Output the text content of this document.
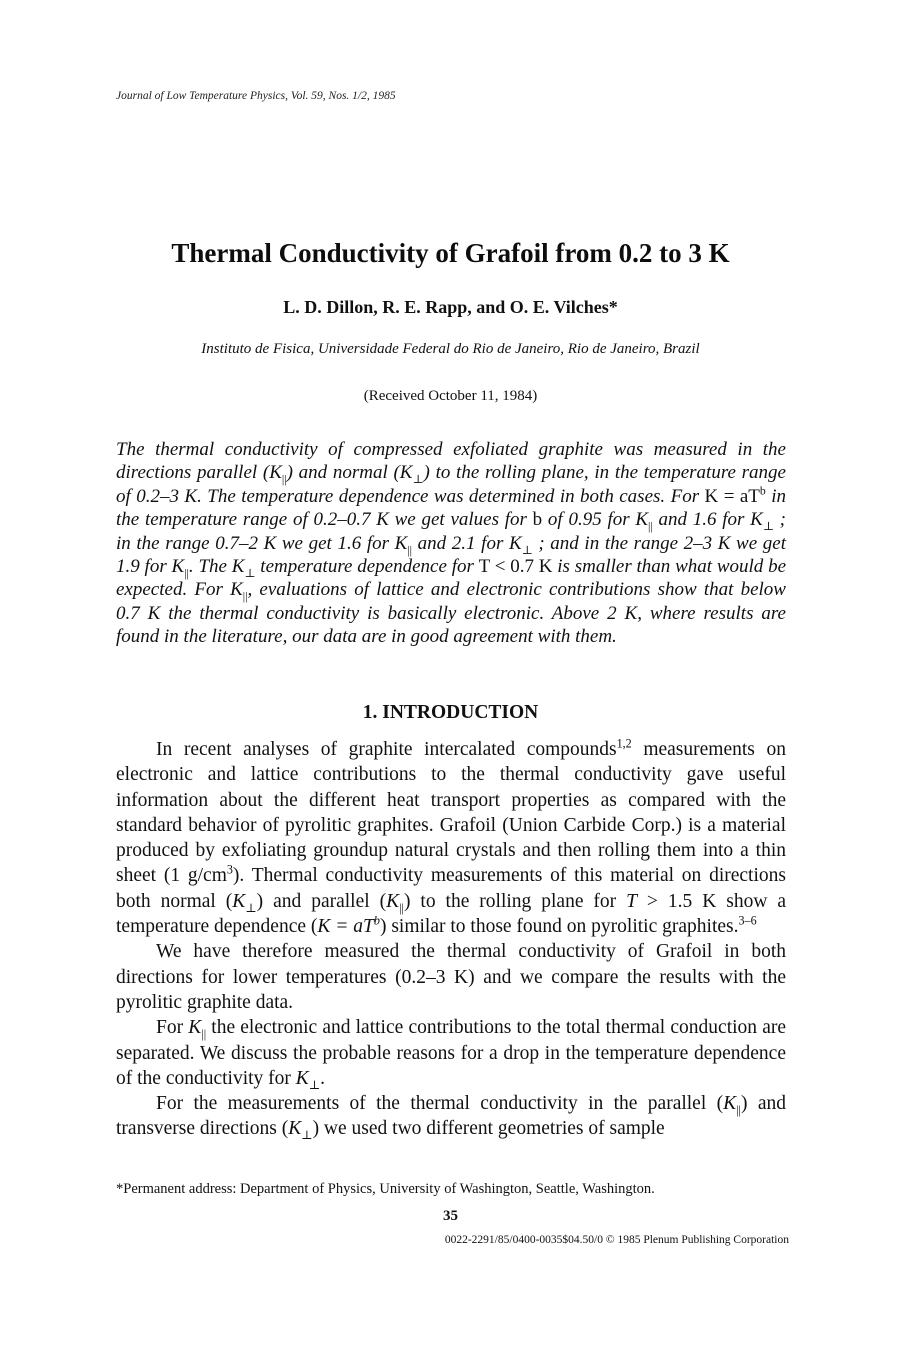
Journal of Low Temperature Physics, Vol. 59, Nos. 1/2, 1985
Thermal Conductivity of Grafoil from 0.2 to 3 K
L. D. Dillon, R. E. Rapp, and O. E. Vilches*
Instituto de Fisica, Universidade Federal do Rio de Janeiro, Rio de Janeiro, Brazil
(Received October 11, 1984)

The thermal conductivity of compressed exfoliated graphite was measured in the directions parallel $(K_{||})$ and normal $(K_\perp)$ to the rolling plane, in the temperature range of 0.2–3 K. The temperature dependence was determined in both cases. For $K = aT^b$ in the temperature range of 0.2–0.7 K we get values for b of 0.95 for $K_{||}$ and 1.6 for $K_\perp$ ; in the range 0.7–2 K we get 1.6 for $K_{||}$ and 2.1 for $K_\perp$ ; and in the range 2–3 K we get 1.9 for $K_{||}$. The $K_\perp$ temperature dependence for T < 0.7 K is smaller than what would be expected. For $K_{||}$, evaluations of lattice and electronic contributions show that below 0.7 K the thermal conductivity is basically electronic. Above 2 K, where results are found in the literature, our data are in good agreement with them.

1. INTRODUCTION

In recent analyses of graphite intercalated compounds$^{1,2}$ measurements on electronic and lattice contributions to the thermal conductivity gave useful information about the different heat transport properties as compared with the standard behavior of pyrolitic graphites. Grafoil (Union Carbide Corp.) is a material produced by exfoliating groundup natural crystals and then rolling them into a thin sheet (1 $g/cm^3$). Thermal conductivity measurements of this material on directions both normal $(K_\perp)$ and parallel $(K_{||})$ to the rolling plane for T > 1.5 K show a temperature dependence $(K = aT^b)$ similar to those found on pyrolitic graphites.$^{3-6}$

We have therefore measured the thermal conductivity of Grafoil in both directions for lower temperatures (0.2–3 K) and we compare the results with the pyrolitic graphite data.

For $K_{||}$ the electronic and lattice contributions to the total thermal conduction are separated. We discuss the probable reasons for a drop in the temperature dependence of the conductivity for $K_\perp$.

For the measurements of the thermal conductivity in the parallel $(K_{||})$ and transverse directions $(K_\perp)$ we used two different geometries of sample

*Permanent address: Department of Physics, University of Washington, Seattle, Washington.
35
0022-2291/85/0400-0035$04.50/0 © 1985 Plenum Publishing Corporation
